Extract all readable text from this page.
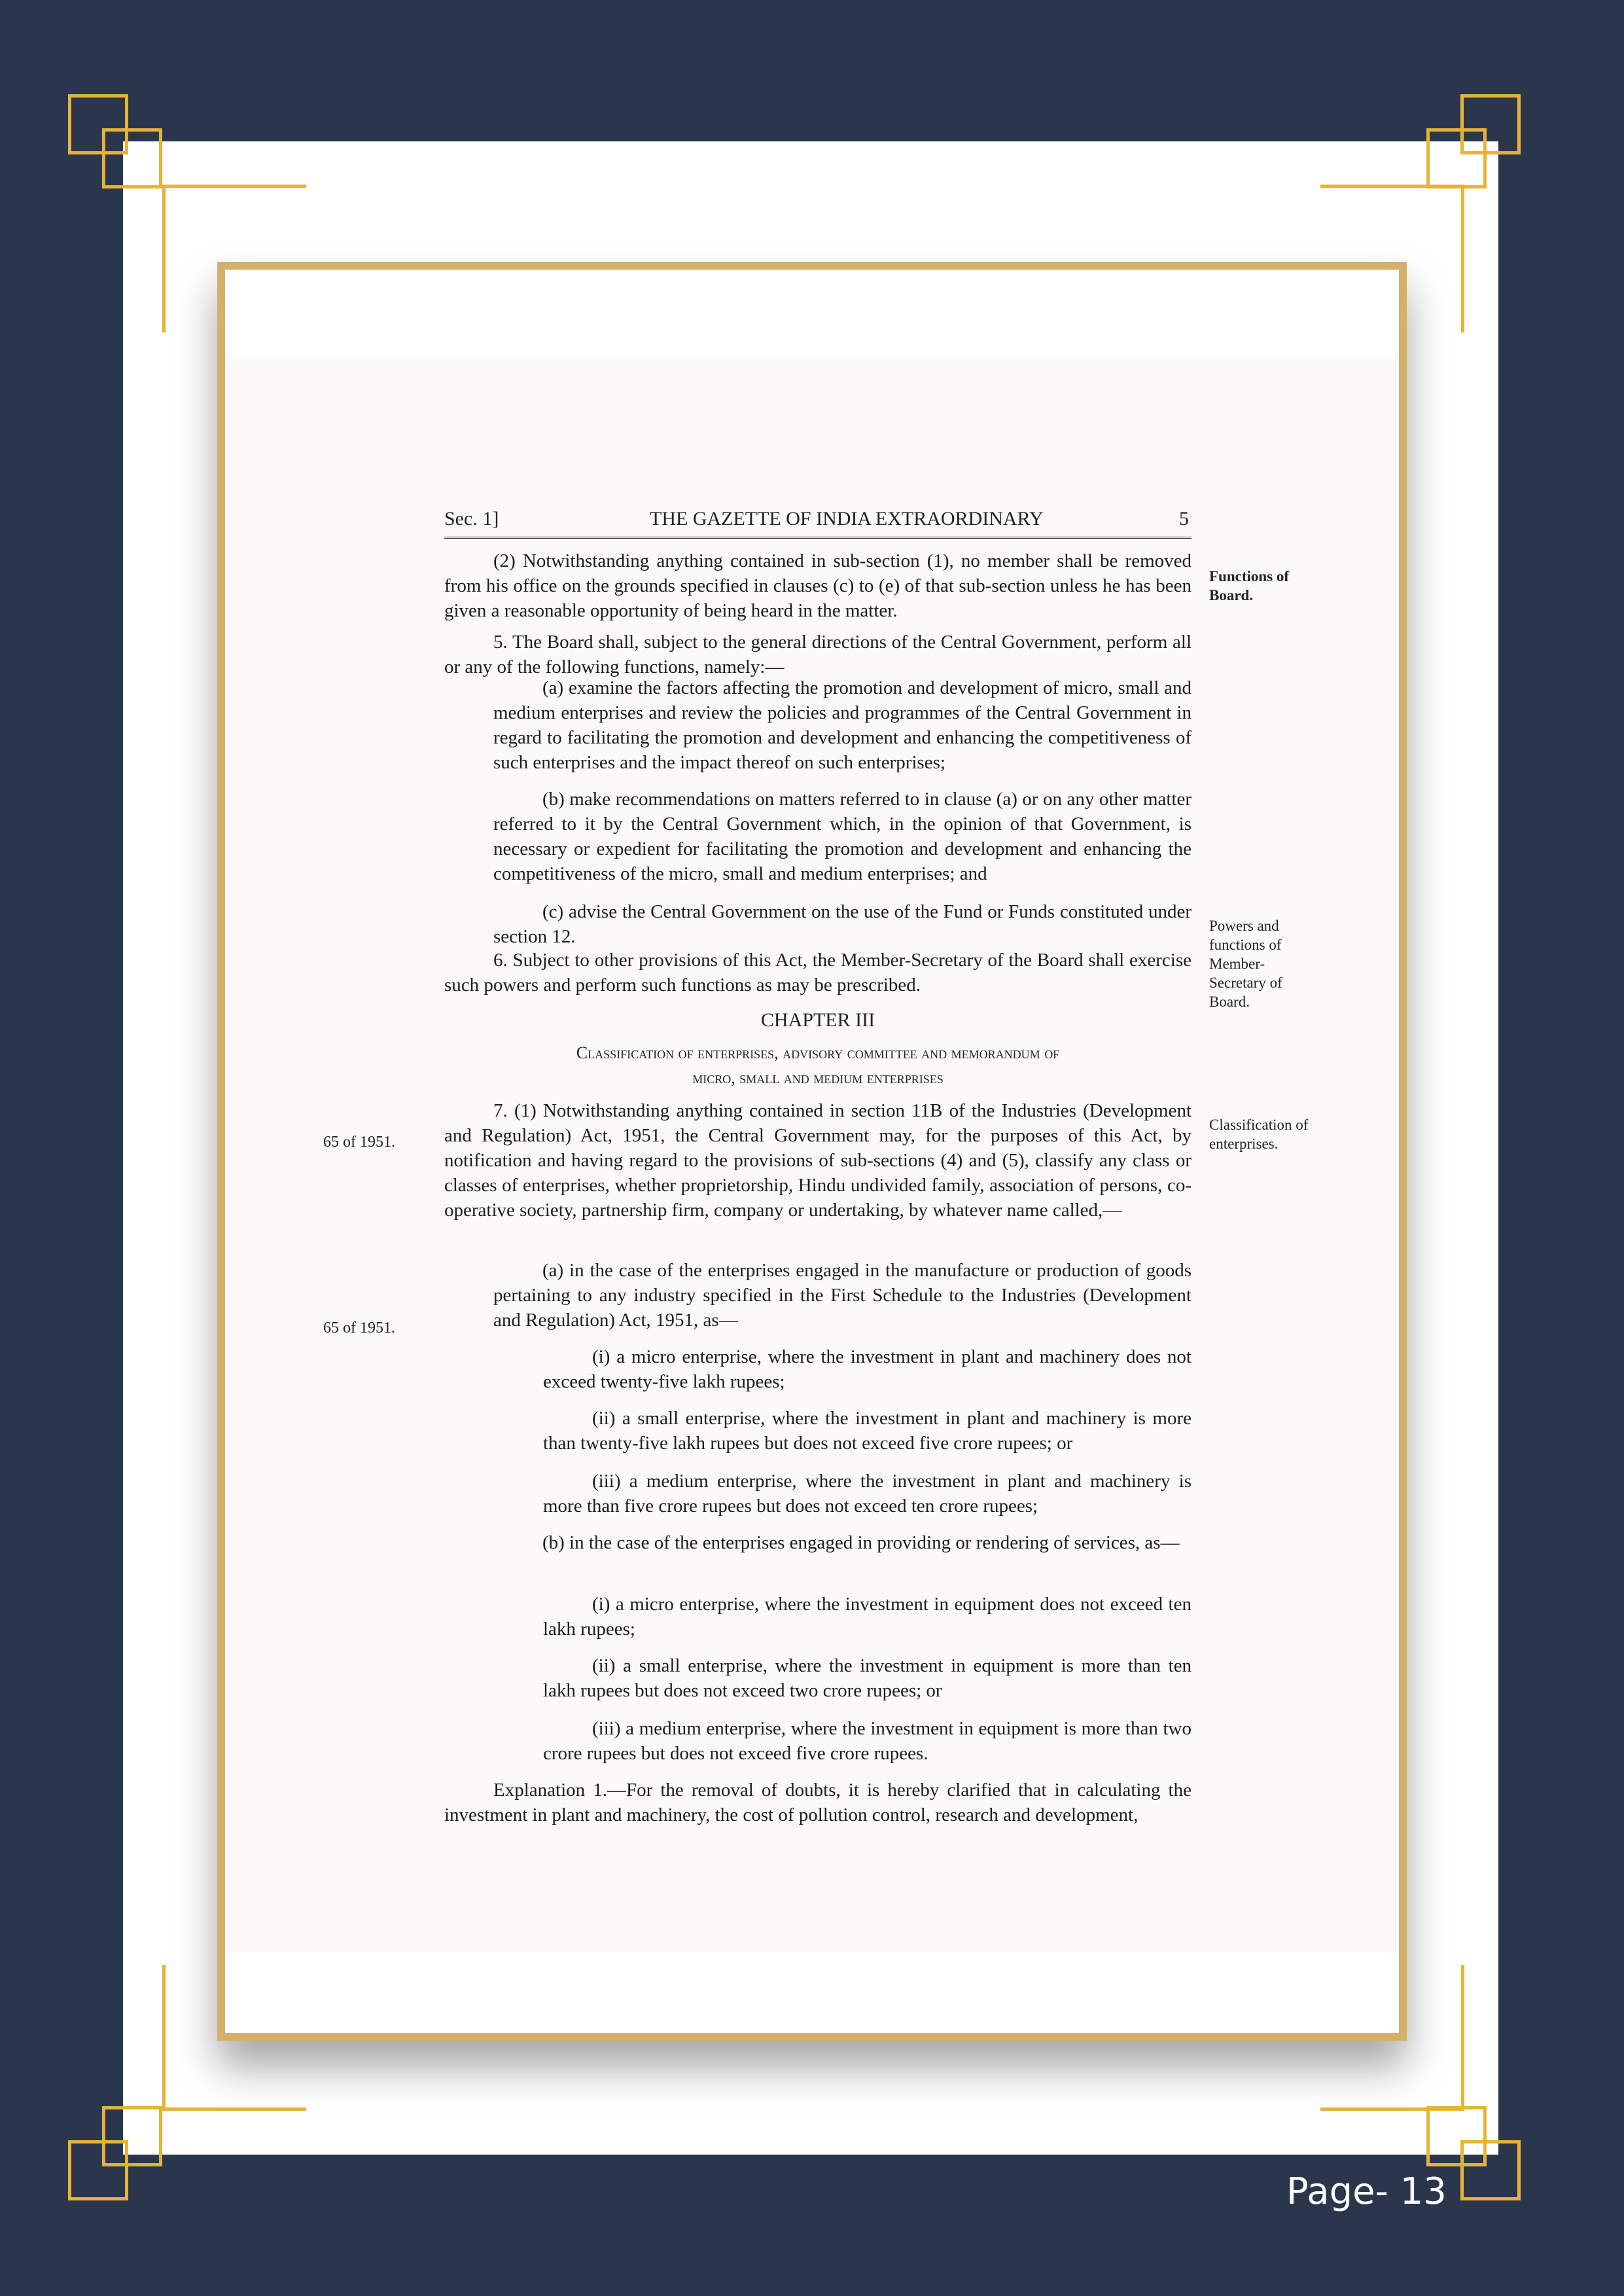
Sec. 1]	THE GAZETTE OF INDIA EXTRAORDINARY	5
Functions of Board.
Powers and functions of Member-Secretary of Board.
Classification of enterprises.
65 of 1951.
65 of 1951.
(2) Notwithstanding anything contained in sub-section (1), no member shall be removed from his office on the grounds specified in clauses (c) to (e) of that sub-section unless he has been given a reasonable opportunity of being heard in the matter.
5. The Board shall, subject to the general directions of the Central Government, perform all or any of the following functions, namely:—
(a) examine the factors affecting the promotion and development of micro, small and medium enterprises and review the policies and programmes of the Central Government in regard to facilitating the promotion and development and enhancing the competitiveness of such enterprises and the impact thereof on such enterprises;
(b) make recommendations on matters referred to in clause (a) or on any other matter referred to it by the Central Government which, in the opinion of that Government, is necessary or expedient for facilitating the promotion and development and enhancing the competitiveness of the micro, small and medium enterprises; and
(c) advise the Central Government on the use of the Fund or Funds constituted under section 12.
6. Subject to other provisions of this Act, the Member-Secretary of the Board shall exercise such powers and perform such functions as may be prescribed.
CHAPTER III
Classification of enterprises, advisory committee and memorandum of
micro, small and medium enterprises
7. (1) Notwithstanding anything contained in section 11B of the Industries (Development and Regulation) Act, 1951, the Central Government may, for the purposes of this Act, by notification and having regard to the provisions of sub-sections (4) and (5), classify any class or classes of enterprises, whether proprietorship, Hindu undivided family, association of persons, co-operative society, partnership firm, company or undertaking, by whatever name called,—
(a) in the case of the enterprises engaged in the manufacture or production of goods pertaining to any industry specified in the First Schedule to the Industries (Development and Regulation) Act, 1951, as—
(i) a micro enterprise, where the investment in plant and machinery does not exceed twenty-five lakh rupees;
(ii) a small enterprise, where the investment in plant and machinery is more than twenty-five lakh rupees but does not exceed five crore rupees; or
(iii) a medium enterprise, where the investment in plant and machinery is more than five crore rupees but does not exceed ten crore rupees;
(b) in the case of the enterprises engaged in providing or rendering of services, as—
(i) a micro enterprise, where the investment in equipment does not exceed ten lakh rupees;
(ii) a small enterprise, where the investment in equipment is more than ten lakh rupees but does not exceed two crore rupees; or
(iii) a medium enterprise, where the investment in equipment is more than two crore rupees but does not exceed five crore rupees.
Explanation 1.—For the removal of doubts, it is hereby clarified that in calculating the investment in plant and machinery, the cost of pollution control, research and development,
Page- 13
